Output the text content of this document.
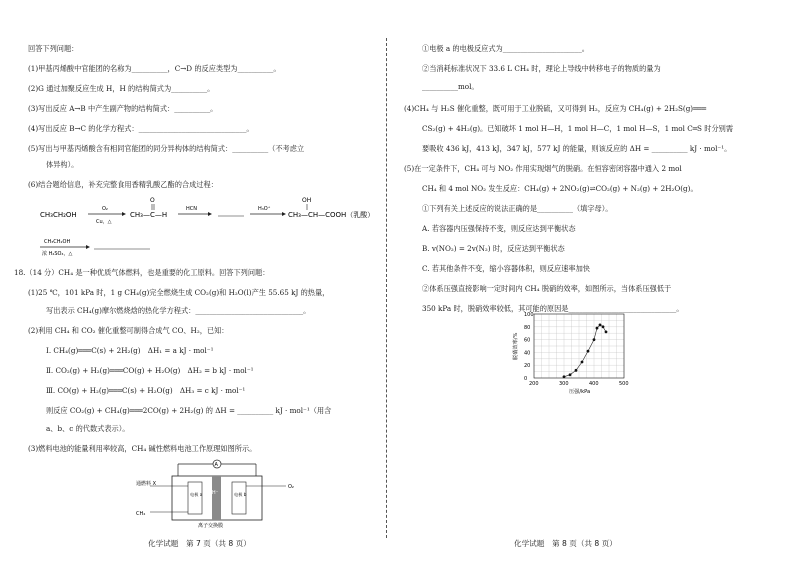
回答下列问题：
(1)甲基丙烯酸中官能团的名称为__________，C→D 的反应类型为__________。
(2)G 通过加聚反应生成 H，H 的结构简式为__________。
(3)写出反应 A→B 中产生副产物的结构简式：__________。
(4)写出反应 B→C 的化学方程式：______________________________。
(5)写出与甲基丙烯酸含有相同官能团的同分异构体的结构简式：__________（不考虑立
体异构）。
(6)结合题给信息，补充完整食用香精乳酸乙酯的合成过程：
18.（14 分）CH₄ 是一种优质气体燃料，也是重要的化工原料。回答下列问题：
(1)25 ℃，101 kPa 时，1 g CH₄(g)完全燃烧生成 CO₂(g)和 H₂O(l)产生 55.65 kJ 的热量，
写出表示 CH₄(g)摩尔燃烧焓的热化学方程式：______________________________。
(2)利用 CH₄ 和 CO₂ 催化重整可制得合成气 CO、H₂，已知：
Ⅰ. CH₄(g)═══C(s) + 2H₂(g)　ΔH₁ = a kJ · mol⁻¹
Ⅱ. CO₂(g) + H₂(g)═══CO(g) + H₂O(g)　ΔH₂ = b kJ · mol⁻¹
Ⅲ. CO(g) + H₂(g)═══C(s) + H₂O(g)　ΔH₃ = c kJ · mol⁻¹
则反应 CO₂(g) + CH₄(g)═══2CO(g) + 2H₂(g) 的 ΔH = __________ kJ · mol⁻¹（用含
a、b、c 的代数式表示）。
(3)燃料电池的能量利用率较高，CH₄ 碱性燃料电池工作原理如图所示。
CH₃CH₂OH
O₂
Cu，△
O
CH₃—C—H
HCN	H₃O⁺
OH
CH₃—CH—COOH（乳酸）
CH₃CH₂OH
浓 H₂SO₄，△
A
电极 a OH⁻	电极 b
通燃料 X
CH₄
O₂
离子交换膜
化学试题　第 7 页（共 8 页）
①电极 a 的电极反应式为______________________。
②当消耗标准状况下 33.6 L CH₄ 时，理论上导线中转移电子的物质的量为
__________mol。
(4)CH₄ 与 H₂S 催化重整，既可用于工业脱硫，又可得到 H₂，反应为 CH₄(g) + 2H₂S(g)═══
CS₂(g) + 4H₂(g)。已知破坏 1 mol H—H，1 mol H—C，1 mol H—S，1 mol C═S 时分别需
要吸收 436 kJ，413 kJ，347 kJ，577 kJ 的能量，则该反应的 ΔH = __________ kJ · mol⁻¹。
(5)在一定条件下，CH₄ 可与 NO₂ 作用实现烟气的脱硝。在恒容密闭容器中通入 2 mol
CH₄ 和 4 mol NO₂ 发生反应：CH₄(g) + 2NO₂(g)⇌CO₂(g) + N₂(g) + 2H₂O(g)。
①下列有关上述反应的说法正确的是__________（填字母）。
A. 若容器内压强保持不变，则反应达到平衡状态
B. v(NO₂) = 2v(N₂) 时，反应达到平衡状态
C. 若其他条件不变，缩小容器体积，则反应速率加快
②体系压强直接影响一定时间内 CH₄ 脱硝的效率，如图所示，当体系压强低于
350 kPa 时，脱硝效率较低，其可能的原因是______________________________。
200	300	400	500
0
20
40
60
80
100
压强/kPa
脱硝效率/%
化学试题　第 8 页（共 8 页）
